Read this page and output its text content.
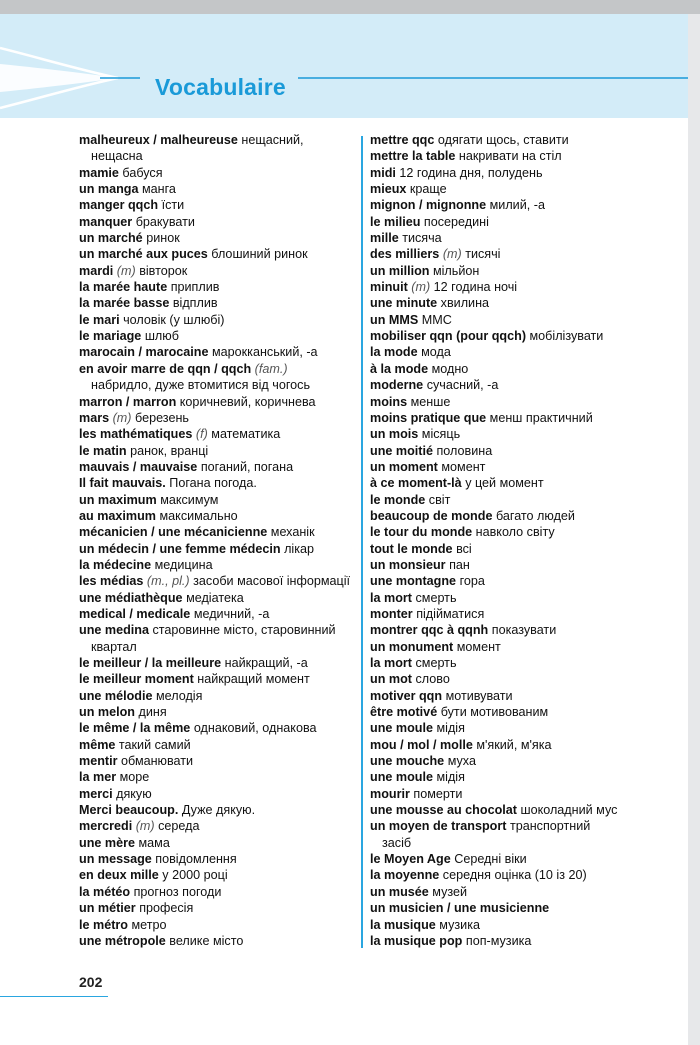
Vocabulaire
malheureux / malheureuse нещасний,
нещасна
mamie бабуся
un manga манга
manger qqch їсти
manquer бракувати
un marché ринок
un marché aux puces блошиний ринок
mardi (m) вівторок
la marée haute приплив
la marée basse відплив
le mari чоловік (у шлюбі)
le mariage шлюб
marocain / marocaine марокканський, -а
en avoir marre de qqn / qqch (fam.)
набридло, дуже втомитися від чогось
marron / marron коричневий, коричнева
mars (m) березень
les mathématiques (f) математика
le matin ранок, вранці
mauvais / mauvaise поганий, погана
Il fait mauvais. Погана погода.
un maximum максимум
au maximum максимально
mécanicien / une mécanicienne механік
un médecin / une femme médecin лікар
la médecine медицина
les médias (m., pl.) засоби масової інформації
une médiathèque медіатека
medical / medicale медичний, -а
une medina старовинне місто, старовинний
квартал
le meilleur / la meilleure найкращий, -а
le meilleur moment найкращий момент
une mélodie мелодія
un melon диня
le même / la même однаковий, однакова
même такий самий
mentir обманювати
la mer море
merci дякую
Merci beaucoup. Дуже дякую.
mercredi (m) середа
une mère мама
un message повідомлення
en deux mille у 2000 році
la météo прогноз погоди
un métier професія
le métro метро
une métropole велике місто
mettre qqc одягати щось, ставити
mettre la table накривати на стіл
midi 12 година дня, полудень
mieux краще
mignon / mignonne милий, -а
le milieu посередині
mille тисяча
des milliers (m) тисячі
un million мільйон
minuit (m) 12 година ночі
une minute хвилина
un MMS ММС
mobiliser qqn (pour qqch) мобілізувати
la mode мода
à la mode модно
moderne сучасний, -а
moins менше
moins pratique que менш практичний
un mois місяць
une moitié половина
un moment момент
à ce moment-là у цей момент
le monde світ
beaucoup de monde багато людей
le tour du monde навколо світу
tout le monde всі
un monsieur пан
une montagne гора
la mort смерть
monter підійматися
montrer qqc à qqnh показувати
un monument момент
la mort смерть
un mot слово
motiver qqn мотивувати
être motivé бути мотивованим
une moule мідія
mou / mol / molle м'який, м'яка
une mouche муха
une moule мідія
mourir померти
une mousse au chocolat шоколадний мус
un moyen de transport транспортний
засіб
le Moyen Age Середні віки
la moyenne середня оцінка (10 із 20)
un musée музей
un musicien / une musicienne
la musique музика
la musique pop поп-музика
202
